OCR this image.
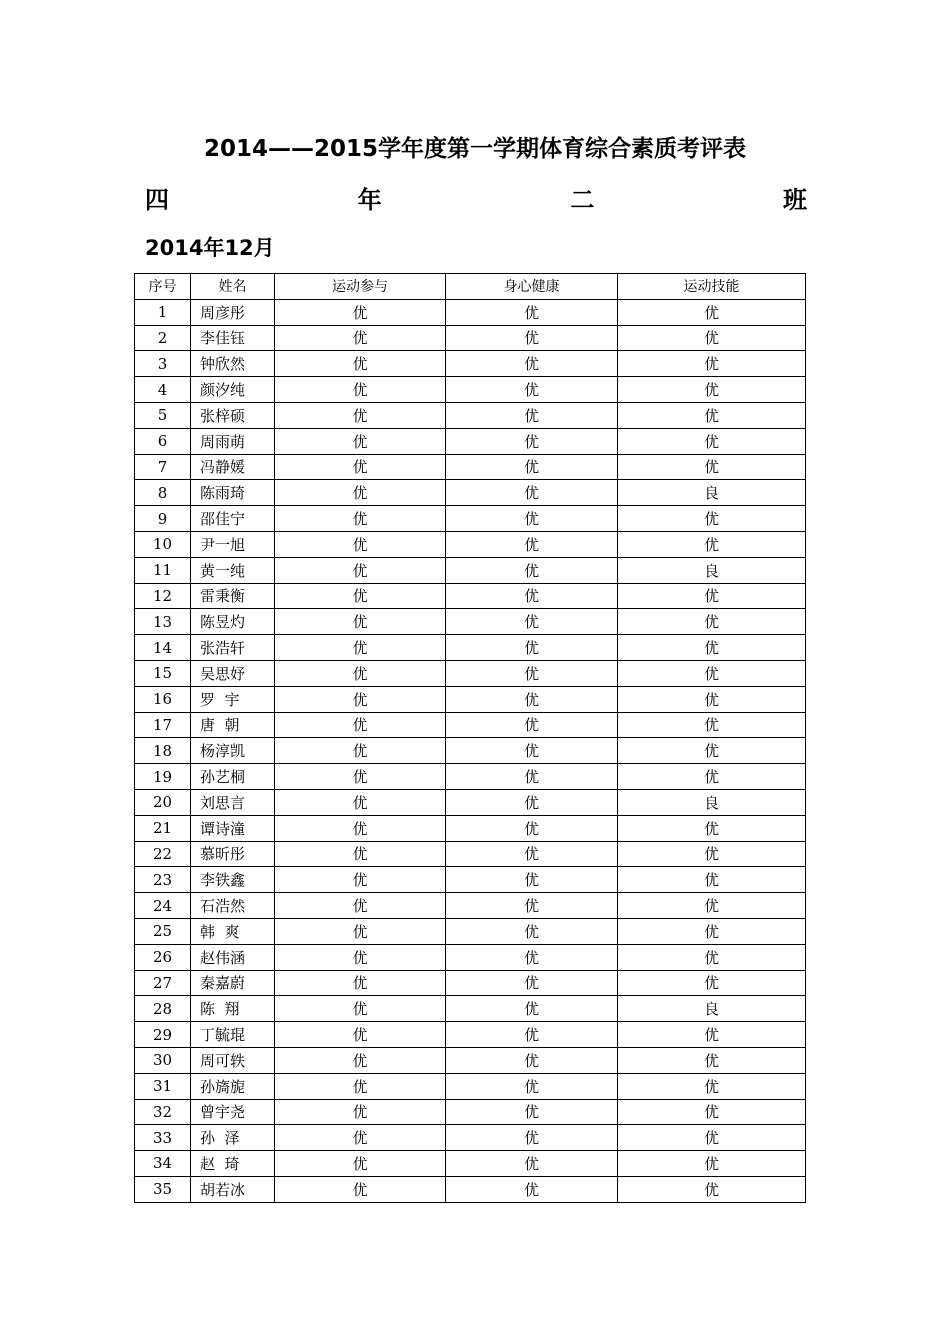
2014——2015学年度第一学期体育综合素质考评表
四	年	二	班

2014年12月

序号	姓名	运动参与	身心健康	运动技能
1	周彦彤	优	优	优
2	李佳钰	优	优	优
3	钟欣然	优	优	优
4	颜汐纯	优	优	优
5	张梓硕	优	优	优
6	周雨萌	优	优	优
7	冯静媛	优	优	优
8	陈雨琦	优	优	良
9	邵佳宁	优	优	优
10	尹一旭	优	优	优
11	黄一纯	优	优	良
12	雷秉衡	优	优	优
13	陈昱灼	优	优	优
14	张浩轩	优	优	优
15	吴思妤	优	优	优
16	罗  宇	优	优	优
17	唐  朝	优	优	优
18	杨淳凯	优	优	优
19	孙艺桐	优	优	优
20	刘思言	优	优	良
21	谭诗潼	优	优	优
22	慕昕彤	优	优	优
23	李铁鑫	优	优	优
24	石浩然	优	优	优
25	韩  爽	优	优	优
26	赵伟涵	优	优	优
27	秦嘉蔚	优	优	优
28	陈  翔	优	优	良
29	丁毓琨	优	优	优
30	周可轶	优	优	优
31	孙旖旎	优	优	优
32	曾宇尧	优	优	优
33	孙  泽	优	优	优
34	赵  琦	优	优	优
35	胡若冰	优	优	优
